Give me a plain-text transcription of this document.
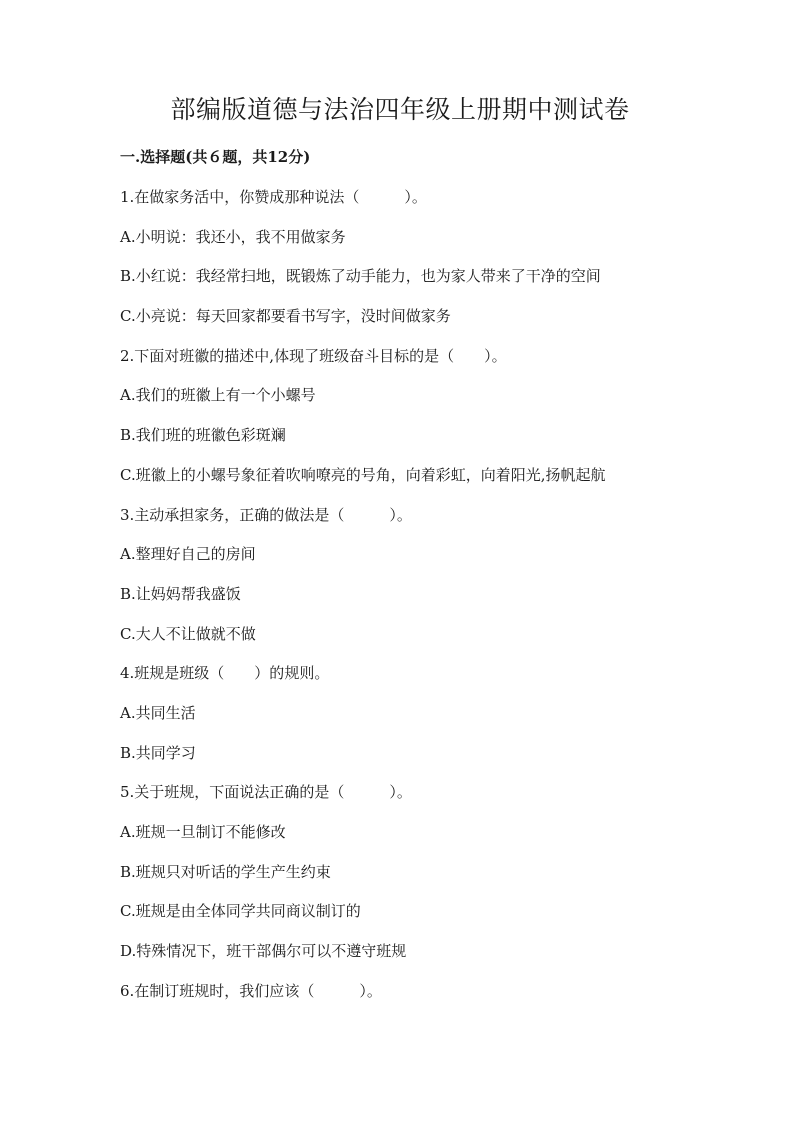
部编版道德与法治四年级上册期中测试卷
一.选择题(共６题，共12分)
1.在做家务活中，你赞成那种说法（　　　）。
A.小明说：我还小，我不用做家务
B.小红说：我经常扫地，既锻炼了动手能力，也为家人带来了干净的空间
C.小亮说：每天回家都要看书写字，没时间做家务
2.下面对班徽的描述中,体现了班级奋斗目标的是（　　）。
A.我们的班徽上有一个小螺号
B.我们班的班徽色彩斑斓
C.班徽上的小螺号象征着吹响嘹亮的号角，向着彩虹，向着阳光,扬帆起航
3.主动承担家务，正确的做法是（　　　）。
A.整理好自己的房间
B.让妈妈帮我盛饭
C.大人不让做就不做
4.班规是班级（　　）的规则。
A.共同生活
B.共同学习
5.关于班规，下面说法正确的是（　　　）。
A.班规一旦制订不能修改
B.班规只对听话的学生产生约束
C.班规是由全体同学共同商议制订的
D.特殊情况下，班干部偶尔可以不遵守班规
6.在制订班规时，我们应该（　　　）。
